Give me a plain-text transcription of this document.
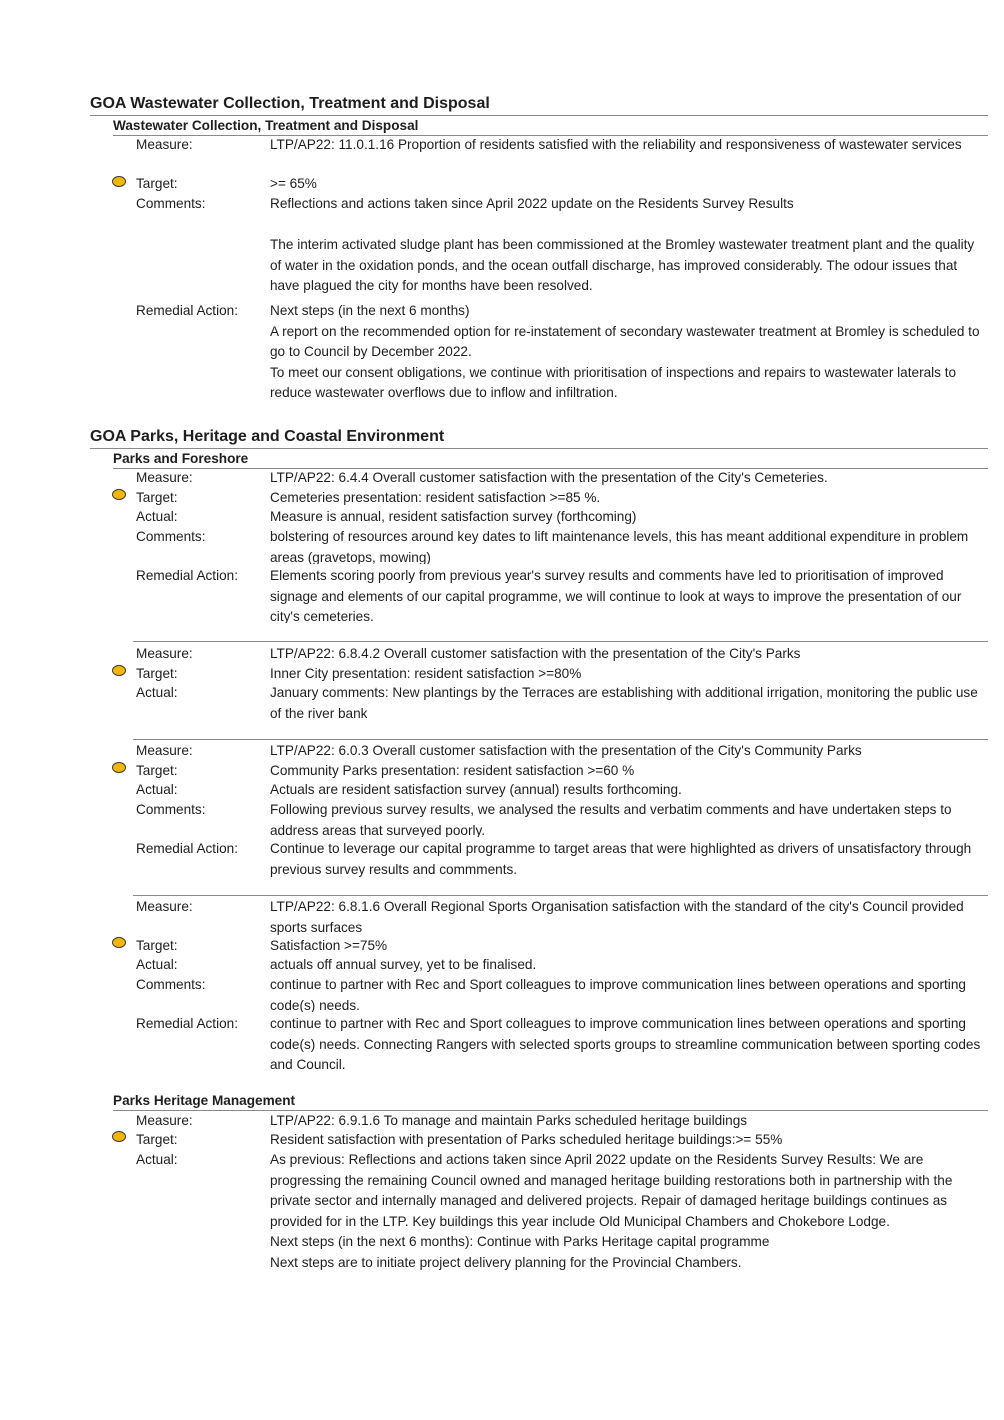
GOA Wastewater Collection, Treatment and Disposal
Wastewater Collection, Treatment and Disposal
Measure:	LTP/AP22: 11.0.1.16 Proportion of residents satisfied with the reliability and responsiveness of wastewater services
Target:	>= 65%
Comments:	Reflections and actions taken since April 2022 update on the Residents Survey Results
The interim activated sludge plant has been commissioned at the Bromley wastewater treatment plant and the quality of water in the oxidation ponds, and the ocean outfall discharge, has improved considerably. The odour issues that have plagued the city for months have been resolved.
Remedial Action:	Next steps (in the next 6 months)
A report on the recommended option for re-instatement of secondary wastewater treatment at Bromley is scheduled to go to Council by December 2022.
To meet our consent obligations, we continue with prioritisation of inspections and repairs to wastewater laterals to reduce wastewater overflows due to inflow and infiltration.
GOA Parks, Heritage and Coastal Environment
Parks and Foreshore
Measure:	LTP/AP22: 6.4.4 Overall customer satisfaction with the presentation of the City's Cemeteries.
Target:	Cemeteries presentation: resident satisfaction >=85 %.
Actual:	Measure is annual, resident satisfaction survey (forthcoming)
Comments:	bolstering of resources around key dates to lift maintenance levels, this has meant additional expenditure in problem areas (gravetops, mowing)
Remedial Action:	Elements scoring poorly from previous year's survey results and comments have led to prioritisation of improved signage and elements of our capital programme, we will continue to look at ways to improve the presentation of our city's cemeteries.
Measure:	LTP/AP22: 6.8.4.2 Overall customer satisfaction with the presentation of the City's Parks
Target:	Inner City presentation: resident satisfaction >=80%
Actual:	January comments: New plantings by the Terraces are establishing with additional irrigation, monitoring the public use of the river bank
Measure:	LTP/AP22: 6.0.3 Overall customer satisfaction with the presentation of the City's Community Parks
Target:	Community Parks presentation: resident satisfaction >=60 %
Actual:	Actuals are resident satisfaction survey (annual) results forthcoming.
Comments:	Following previous survey results, we analysed the results and verbatim comments and have undertaken steps to address areas that surveyed poorly.
Remedial Action:	Continue to leverage our capital programme to target areas that were highlighted as drivers of unsatisfactory through previous survey results and commments.
Measure:	LTP/AP22: 6.8.1.6 Overall Regional Sports Organisation satisfaction with the standard of the city's Council provided sports surfaces
Target:	Satisfaction >=75%
Actual:	actuals off annual survey, yet to be finalised.
Comments:	continue to partner with Rec and Sport colleagues to improve communication lines between operations and sporting code(s) needs.
Remedial Action:	continue to partner with Rec and Sport colleagues to improve communication lines between operations and sporting code(s) needs. Connecting Rangers with selected sports groups to streamline communication between sporting codes and Council.
Parks Heritage Management
Measure:	LTP/AP22: 6.9.1.6 To manage and maintain Parks scheduled heritage buildings
Target:	Resident satisfaction with presentation of Parks scheduled heritage buildings:>= 55%
Actual:	As previous: Reflections and actions taken since April 2022 update on the Residents Survey Results: We are progressing the remaining Council owned and managed heritage building restorations both in partnership with the private sector and internally managed and delivered projects. Repair of damaged heritage buildings continues as provided for in the LTP. Key buildings this year include Old Municipal Chambers and Chokebore Lodge.
Next steps (in the next 6 months): Continue with Parks Heritage capital programme
Next steps are to initiate project delivery planning for the Provincial Chambers.
